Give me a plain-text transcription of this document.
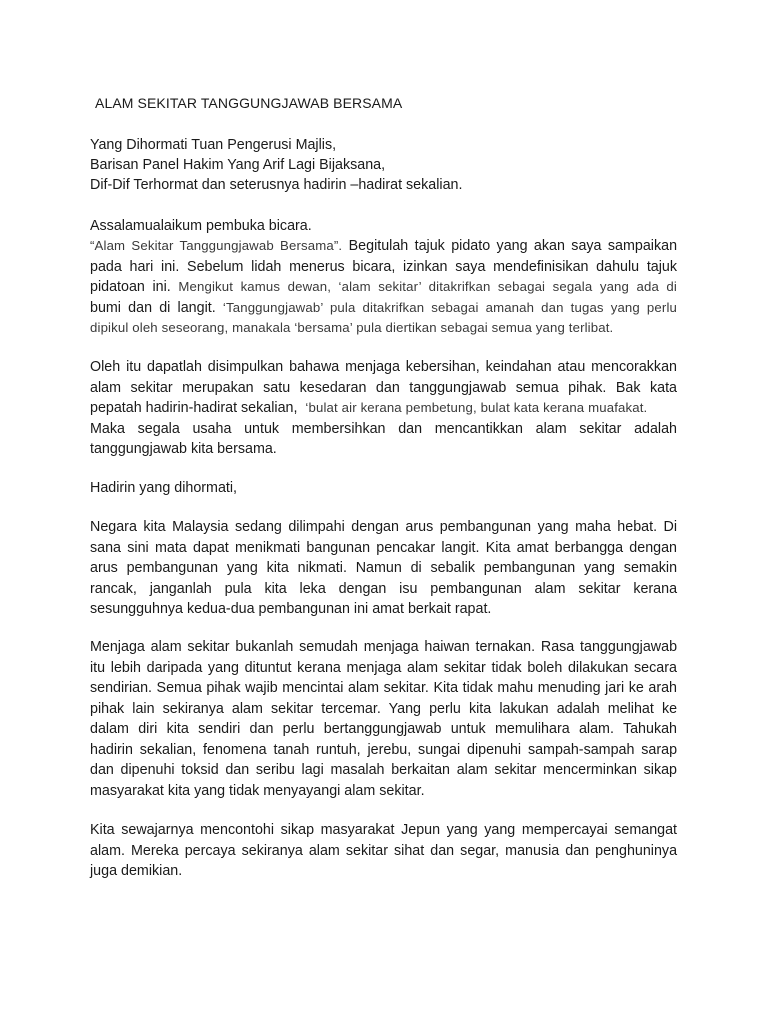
ALAM SEKITAR TANGGUNGJAWAB BERSAMA
Yang Dihormati Tuan Pengerusi Majlis,
Barisan Panel Hakim Yang Arif Lagi Bijaksana,
Dif-Dif Terhormat dan seterusnya hadirin –hadirat sekalian.
Assalamualaikum pembuka bicara.
“Alam Sekitar Tanggungjawab Bersama”. Begitulah tajuk pidato yang akan saya sampaikan
pada hari ini. Sebelum lidah menerus bicara, izinkan saya mendefinisikan dahulu tajuk
pidatoan ini. Mengikut kamus dewan, ‘alam sekitar’ ditakrifkan sebagai segala yang ada di
bumi dan di langit. ‘Tanggungjawab’ pula ditakrifkan sebagai amanah dan tugas yang perlu
dipikul oleh seseorang, manakala ‘bersama’ pula diertikan sebagai semua yang terlibat.
Oleh itu dapatlah disimpulkan bahawa menjaga kebersihan, keindahan atau mencorakkan
alam sekitar merupakan satu kesedaran dan tanggungjawab semua pihak. Bak kata
pepatah hadirin-hadirat sekalian, ‘bulat air kerana pembetung, bulat kata kerana muafakat.
Maka segala usaha untuk membersihkan dan mencantikkan alam sekitar adalah
tanggungjawab kita bersama.
Hadirin yang dihormati,
Negara kita Malaysia sedang dilimpahi dengan arus pembangunan yang maha hebat. Di
sana sini mata dapat menikmati bangunan pencakar langit. Kita amat berbangga dengan
arus pembangunan yang kita nikmati. Namun di sebalik pembangunan yang semakin
rancak, janganlah pula kita leka dengan isu pembangunan alam sekitar kerana
sesungguhnya kedua-dua pembangunan ini amat berkait rapat.
Menjaga alam sekitar bukanlah semudah menjaga haiwan ternakan. Rasa tanggungjawab
itu lebih daripada yang dituntut kerana menjaga alam sekitar tidak boleh dilakukan secara
sendirian. Semua pihak wajib mencintai alam sekitar. Kita tidak mahu menuding jari ke arah
pihak lain sekiranya alam sekitar tercemar. Yang perlu kita lakukan adalah melihat ke
dalam diri kita sendiri dan perlu bertanggungjawab untuk memulihara alam. Tahukah
hadirin sekalian, fenomena tanah runtuh, jerebu, sungai dipenuhi sampah-sampah sarap
dan dipenuhi toksid dan seribu lagi masalah berkaitan alam sekitar mencerminkan sikap
masyarakat kita yang tidak menyayangi alam sekitar.
Kita sewajarnya mencontohi sikap masyarakat Jepun yang yang mempercayai semangat
alam. Mereka percaya sekiranya alam sekitar sihat dan segar, manusia dan penghuninya
juga demikian.
